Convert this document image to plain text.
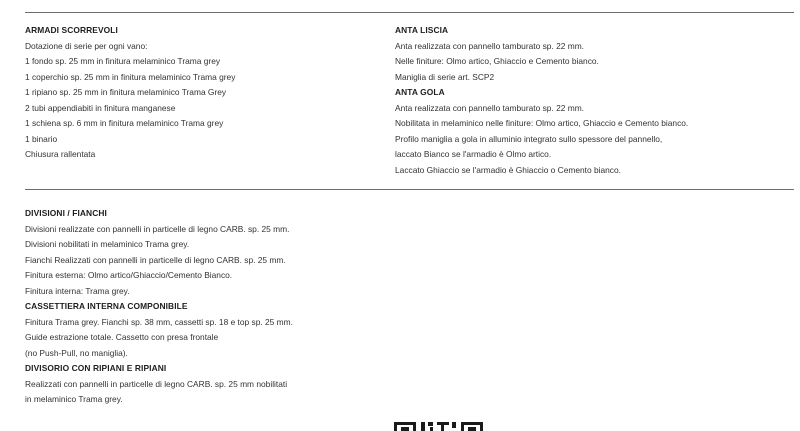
ARMADI SCORREVOLI
Dotazione di serie per ogni vano:
1 fondo sp. 25 mm in finitura melaminico Trama grey
1 coperchio sp. 25 mm in finitura melaminico Trama grey
1 ripiano sp. 25 mm in finitura melaminico Trama Grey
2 tubi appendiabiti in finitura manganese
1 schiena sp. 6 mm in finitura melaminico Trama grey
1 binario
Chiusura rallentata
ANTA LISCIA
Anta realizzata con pannello tamburato sp. 22 mm.
Nelle finiture: Olmo artico, Ghiaccio e Cemento bianco.
Maniglia di serie art. SCP2
ANTA GOLA
Anta realizzata con pannello tamburato sp. 22 mm.
Nobilitata in melaminico nelle finiture: Olmo artico, Ghiaccio e Cemento bianco.
Profilo maniglia a gola in alluminio integrato sullo spessore del pannello,
laccato Bianco se l'armadio è Olmo artico.
Laccato Ghiaccio se l'armadio è Ghiaccio o Cemento bianco.
DIVISIONI / FIANCHI
Divisioni realizzate con pannelli in particelle di legno CARB. sp. 25 mm.
Divisioni nobilitati in melaminico Trama grey.
Fianchi Realizzati con pannelli in particelle di legno CARB. sp. 25 mm.
Finitura esterna: Olmo artico/Ghiaccio/Cemento Bianco.
Finitura interna: Trama grey.
CASSETTIERA INTERNA COMPONIBILE
Finitura Trama grey. Fianchi sp. 38 mm, cassetti sp. 18 e top sp. 25 mm.
Guide estrazione totale. Cassetto con presa frontale
(no Push-Pull, no maniglia).
DIVISORIO CON RIPIANI E RIPIANI
Realizzati con pannelli in particelle di legno CARB. sp. 25 mm nobilitati
in melaminico Trama grey.
